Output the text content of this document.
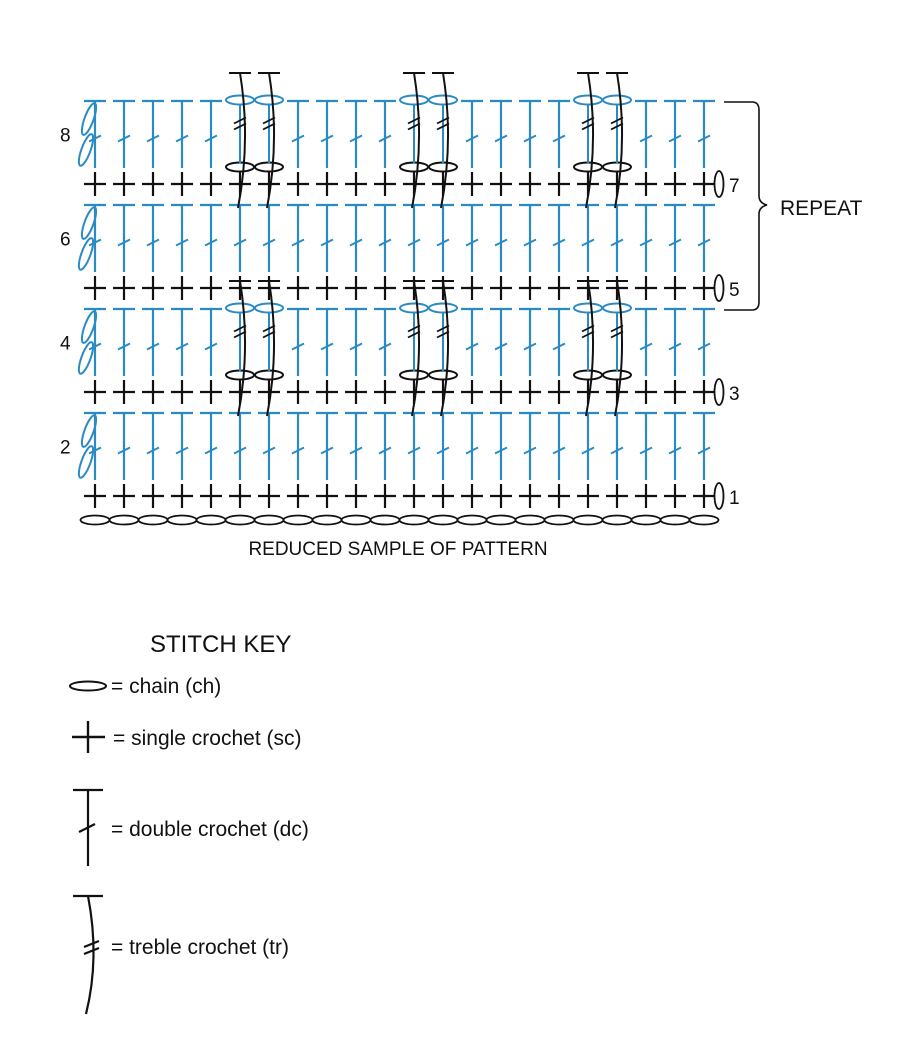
1
2
3
4
5
6
7
8
REPEAT
REDUCED SAMPLE OF PATTERN
STITCH KEY
= chain (ch)
= single crochet (sc)
= double crochet (dc)
= treble crochet (tr)
